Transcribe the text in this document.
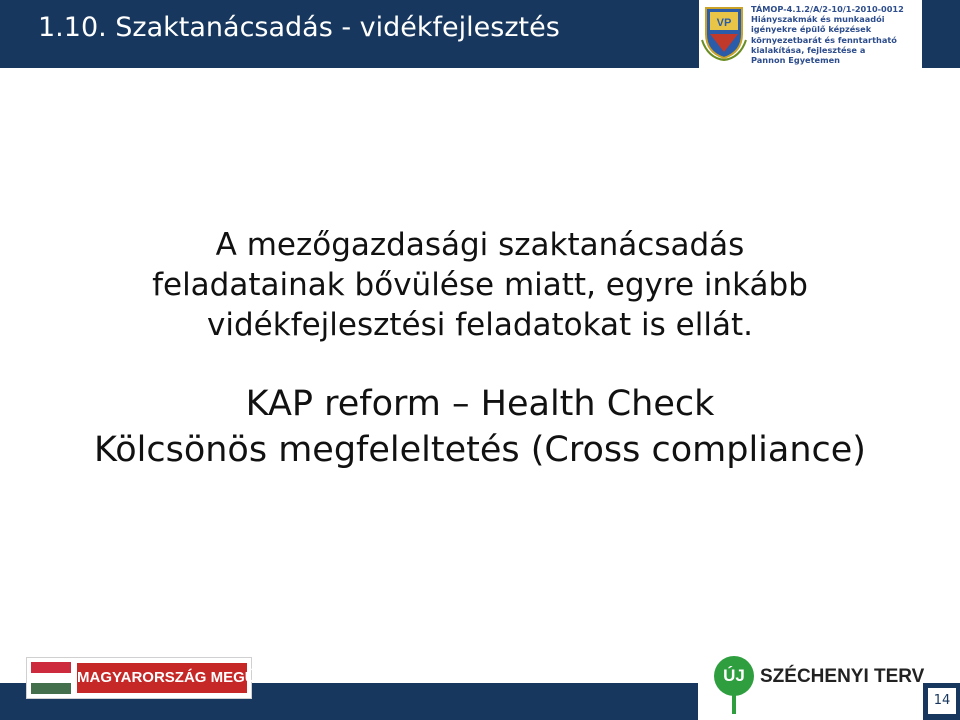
1.10. Szaktanácsadás - vidékfejlesztés	VP
TÁMOP-4.1.2/A/2-10/1-2010-0012
Hiányszakmák és munkaadói
igényekre épülő képzések
környezetbarát és fenntartható
kialakítása, fejlesztése a
Pannon Egyetemen
A mezőgazdasági szaktanácsadás
feladatainak bővülése miatt, egyre inkább
vidékfejlesztési feladatokat is ellát.
KAP reform – Health Check
Kölcsönös megfeleltetés (Cross compliance)
MAGYARORSZÁG MEGÚJUL	ÚJ SZÉCHENYI TERV
14
